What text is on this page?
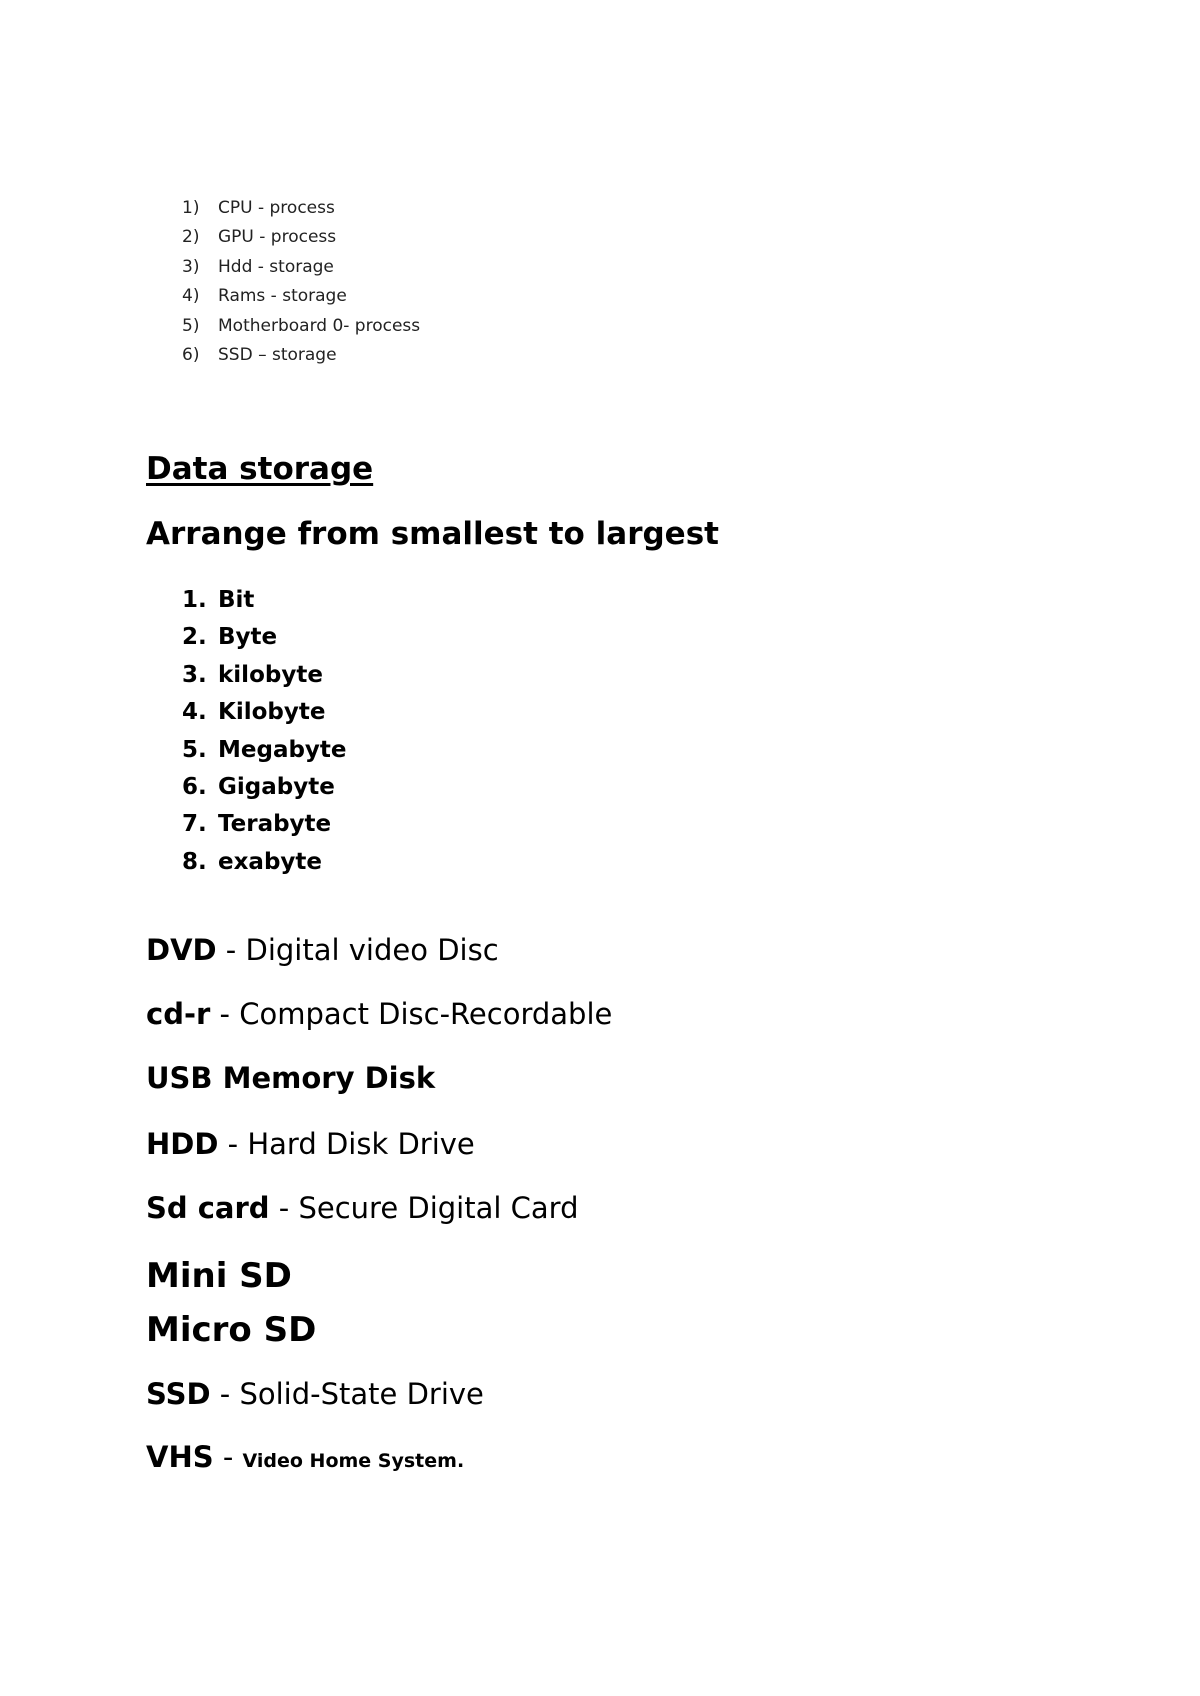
1) CPU - process
2) GPU - process
3) Hdd - storage
4) Rams - storage
5) Motherboard 0- process
6) SSD – storage
Data storage
Arrange from smallest to largest
1. Bit
2. Byte
3. kilobyte
4. Kilobyte
5. Megabyte
6. Gigabyte
7. Terabyte
8. exabyte

DVD - Digital video Disc

cd-r - Compact Disc-Recordable

USB Memory Disk

HDD - Hard Disk Drive

Sd card - Secure Digital Card

Mini SD

Micro SD

SSD - Solid-State Drive

VHS - Video Home System.
